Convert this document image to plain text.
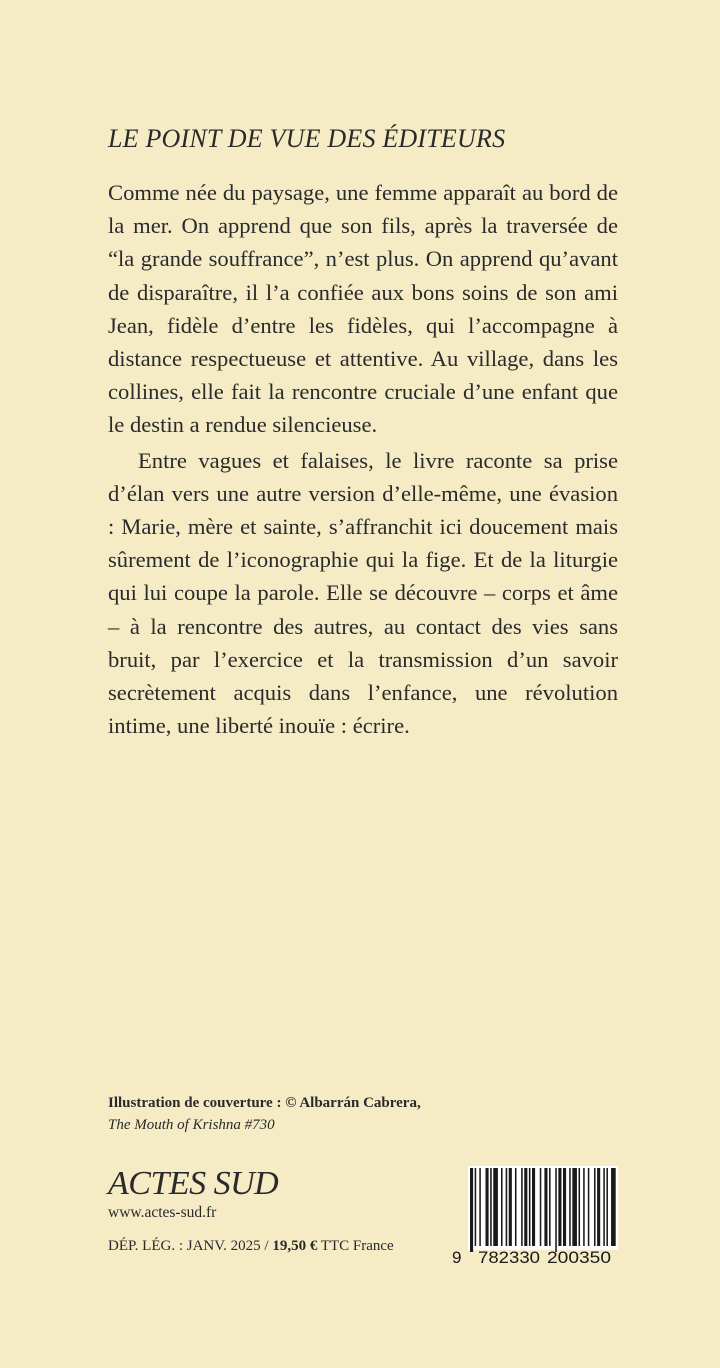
LE POINT DE VUE DES ÉDITEURS

Comme née du paysage, une femme apparaît au bord de la mer. On apprend que son fils, après la traversée de “la grande souffrance”, n’est plus. On apprend qu’avant de disparaître, il l’a confiée aux bons soins de son ami Jean, fidèle d’entre les fidèles, qui l’accompagne à distance respectueuse et attentive. Au village, dans les collines, elle fait la rencontre cruciale d’une enfant que le destin a rendue silencieuse.

Entre vagues et falaises, le livre raconte sa prise d’élan vers une autre version d’elle-même, une évasion : Marie, mère et sainte, s’affranchit ici doucement mais sûrement de l’iconographie qui la fige. Et de la liturgie qui lui coupe la parole. Elle se découvre – corps et âme – à la rencontre des autres, au contact des vies sans bruit, par l’exercice et la transmission d’un savoir secrètement acquis dans l’enfance, une révolution intime, une liberté inouïe : écrire.

Illustration de couverture : © Albarrán Cabrera,
The Mouth of Krishna #730
ACTES SUD
www.actes-sud.fr
DÉP. LÉG. : JANV. 2025 / 19,50 € TTC France
9 782330 200350
